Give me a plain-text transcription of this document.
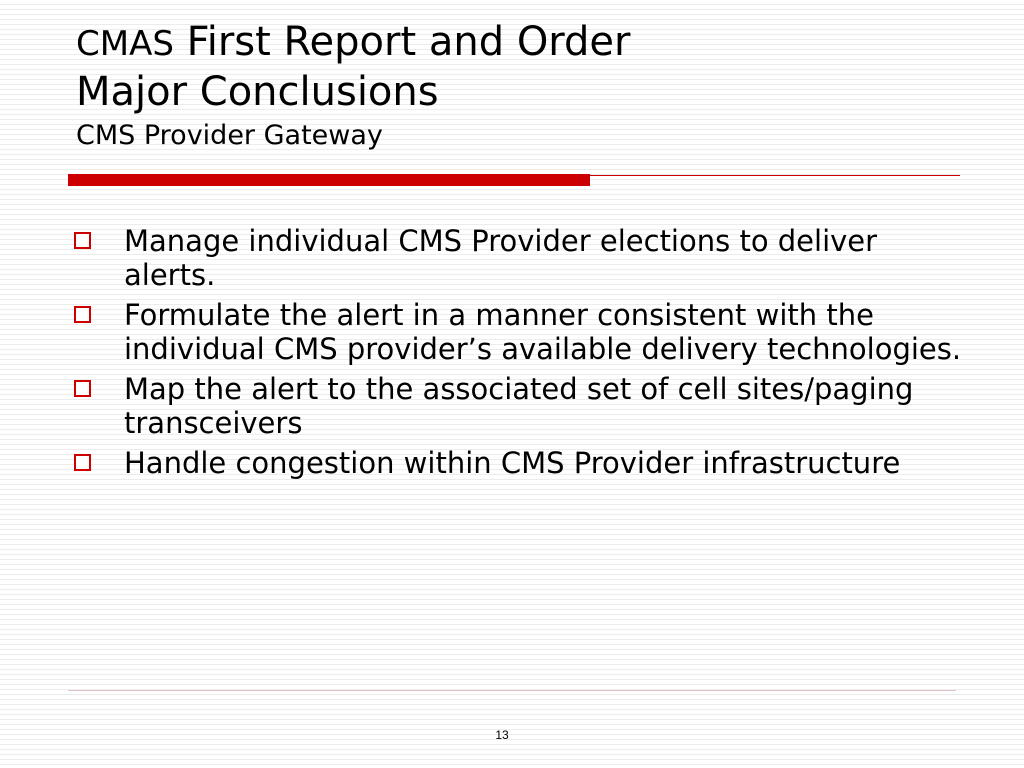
CMAS First Report and Order
Major Conclusions
CMS Provider Gateway
Manage individual CMS Provider elections to deliver alerts.
Formulate the alert in a manner consistent with the individual CMS provider’s available delivery technologies.
Map the alert to the associated set of cell sites/paging transceivers
Handle congestion within CMS Provider infrastructure
13
